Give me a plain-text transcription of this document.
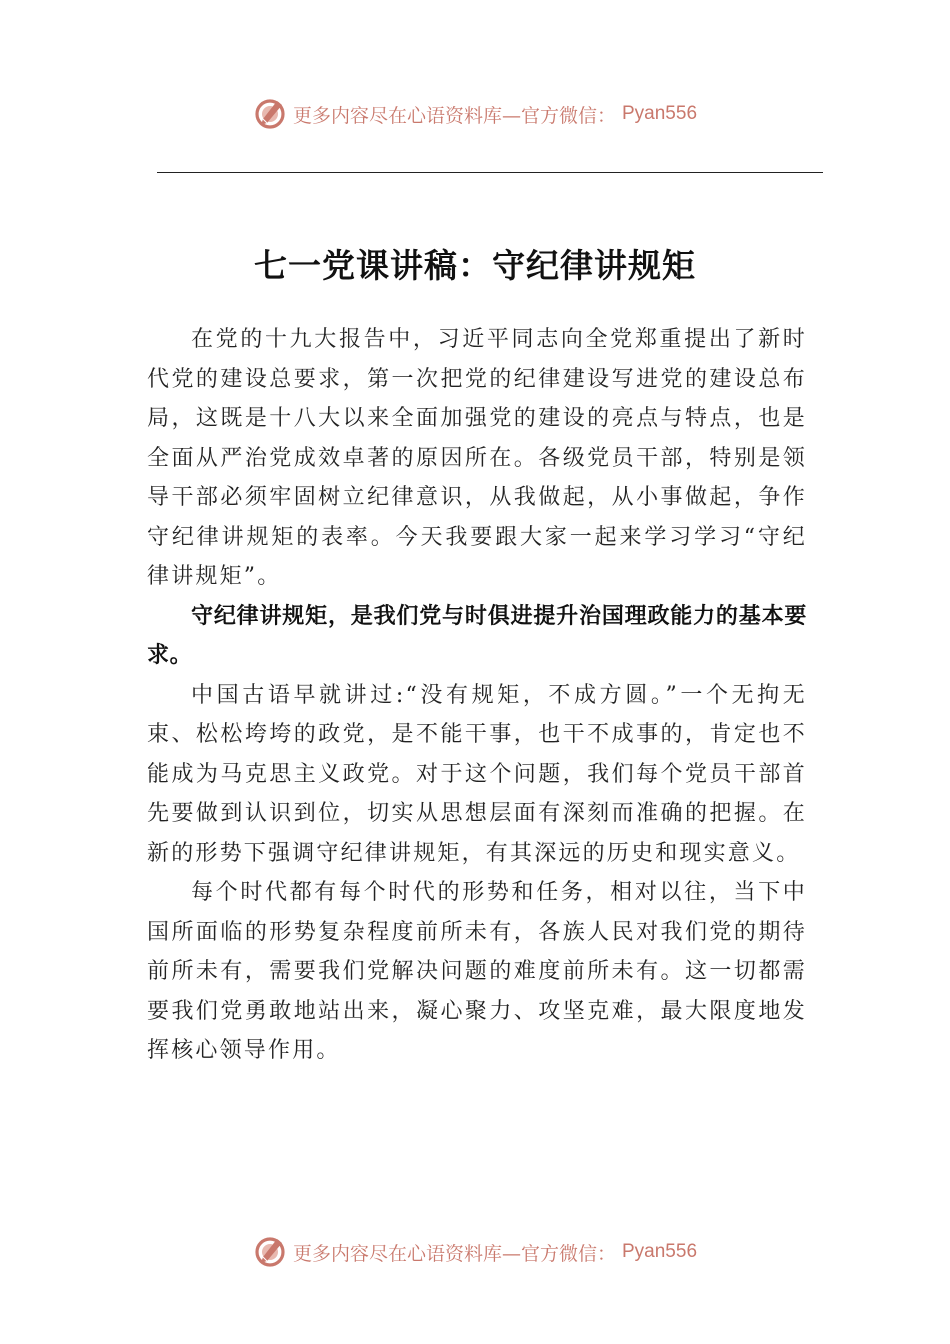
更多内容尽在心语资料库—官方微信： Pyan556
七一党课讲稿：守纪律讲规矩

在党的十九大报告中，习近平同志向全党郑重提出了新时代党的建设总要求，第一次把党的纪律建设写进党的建设总布局，这既是十八大以来全面加强党的建设的亮点与特点，也是全面从严治党成效卓著的原因所在。各级党员干部，特别是领导干部必须牢固树立纪律意识，从我做起，从小事做起，争作守纪律讲规矩的表率。今天我要跟大家一起来学习学习“守纪律讲规矩”。

守纪律讲规矩，是我们党与时俱进提升治国理政能力的基本要求。

中国古语早就讲过:“没有规矩，不成方圆。”一个无拘无束、松松垮垮的政党，是不能干事，也干不成事的，肯定也不能成为马克思主义政党。对于这个问题，我们每个党员干部首先要做到认识到位，切实从思想层面有深刻而准确的把握。在新的形势下强调守纪律讲规矩，有其深远的历史和现实意义。

每个时代都有每个时代的形势和任务，相对以往，当下中国所面临的形势复杂程度前所未有，各族人民对我们党的期待前所未有，需要我们党解决问题的难度前所未有。这一切都需要我们党勇敢地站出来，凝心聚力、攻坚克难，最大限度地发挥核心领导作用。

更多内容尽在心语资料库—官方微信： Pyan556
